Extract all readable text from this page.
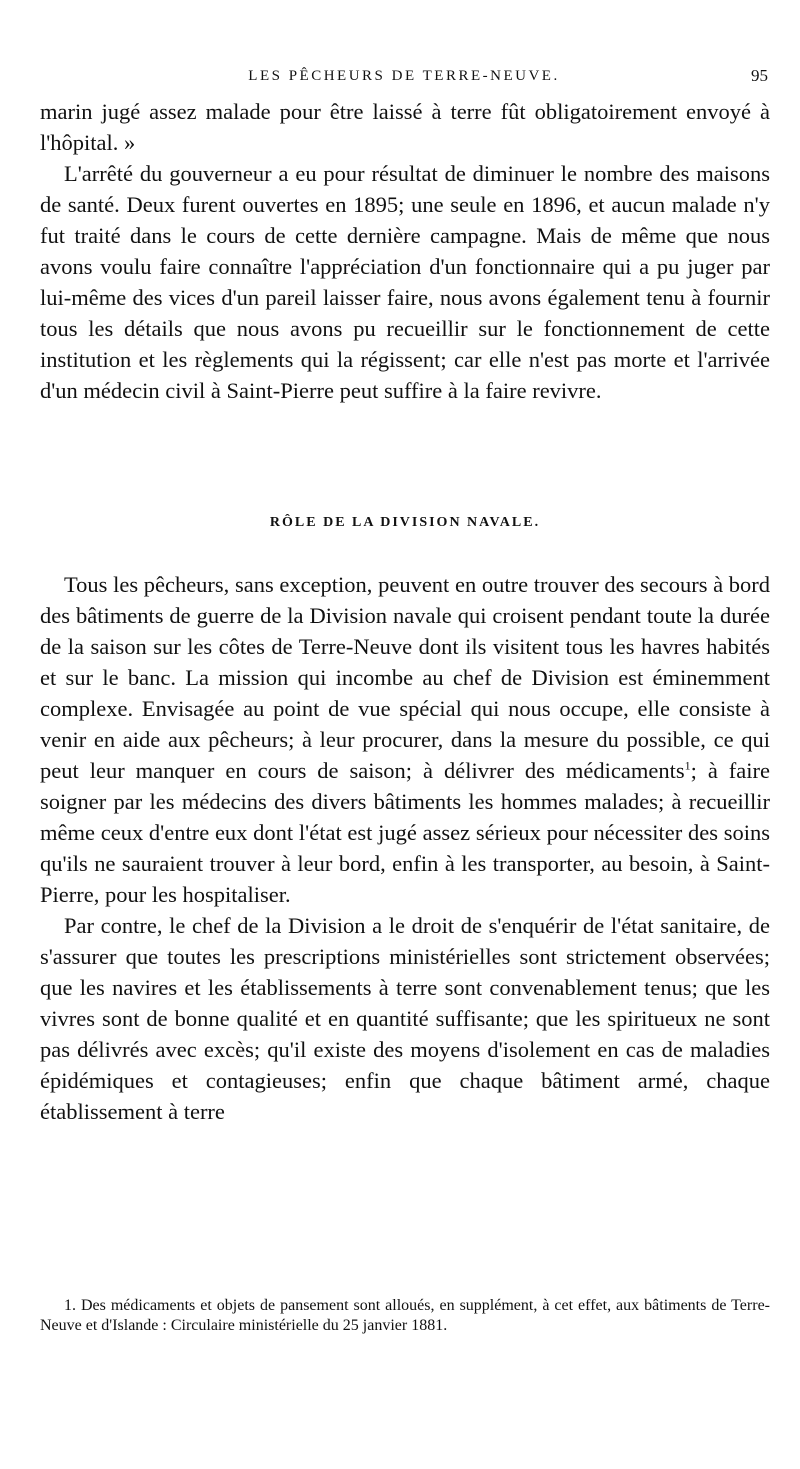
LES PÊCHEURS DE TERRE-NEUVE.	95

marin jugé assez malade pour être laissé à terre fût obligatoirement envoyé à l'hôpital. »

L'arrêté du gouverneur a eu pour résultat de diminuer le nombre des maisons de santé. Deux furent ouvertes en 1895; une seule en 1896, et aucun malade n'y fut traité dans le cours de cette dernière campagne. Mais de même que nous avons voulu faire connaître l'appréciation d'un fonctionnaire qui a pu juger par lui-même des vices d'un pareil laisser faire, nous avons également tenu à fournir tous les détails que nous avons pu recueillir sur le fonctionnement de cette institution et les règlements qui la régissent; car elle n'est pas morte et l'arrivée d'un médecin civil à Saint-Pierre peut suffire à la faire revivre.

RÔLE DE LA DIVISION NAVALE.

Tous les pêcheurs, sans exception, peuvent en outre trouver des secours à bord des bâtiments de guerre de la Division navale qui croisent pendant toute la durée de la saison sur les côtes de Terre-Neuve dont ils visitent tous les havres habités et sur le banc. La mission qui incombe au chef de Division est éminemment complexe. Envisagée au point de vue spécial qui nous occupe, elle consiste à venir en aide aux pêcheurs; à leur procurer, dans la mesure du possible, ce qui peut leur manquer en cours de saison; à délivrer des médicaments$^1$; à faire soigner par les médecins des divers bâtiments les hommes malades; à recueillir même ceux d'entre eux dont l'état est jugé assez sérieux pour nécessiter des soins qu'ils ne sauraient trouver à leur bord, enfin à les transporter, au besoin, à Saint-Pierre, pour les hospitaliser.

Par contre, le chef de la Division a le droit de s'enquérir de l'état sanitaire, de s'assurer que toutes les prescriptions ministérielles sont strictement observées; que les navires et les établissements à terre sont convenablement tenus; que les vivres sont de bonne qualité et en quantité suffisante; que les spiritueux ne sont pas délivrés avec excès; qu'il existe des moyens d'isolement en cas de maladies épidémiques et contagieuses; enfin que chaque bâtiment armé, chaque établissement à terre

1. Des médicaments et objets de pansement sont alloués, en supplément, à cet effet, aux bâtiments de Terre-Neuve et d'Islande : Circulaire ministérielle du 25 janvier 1881.
